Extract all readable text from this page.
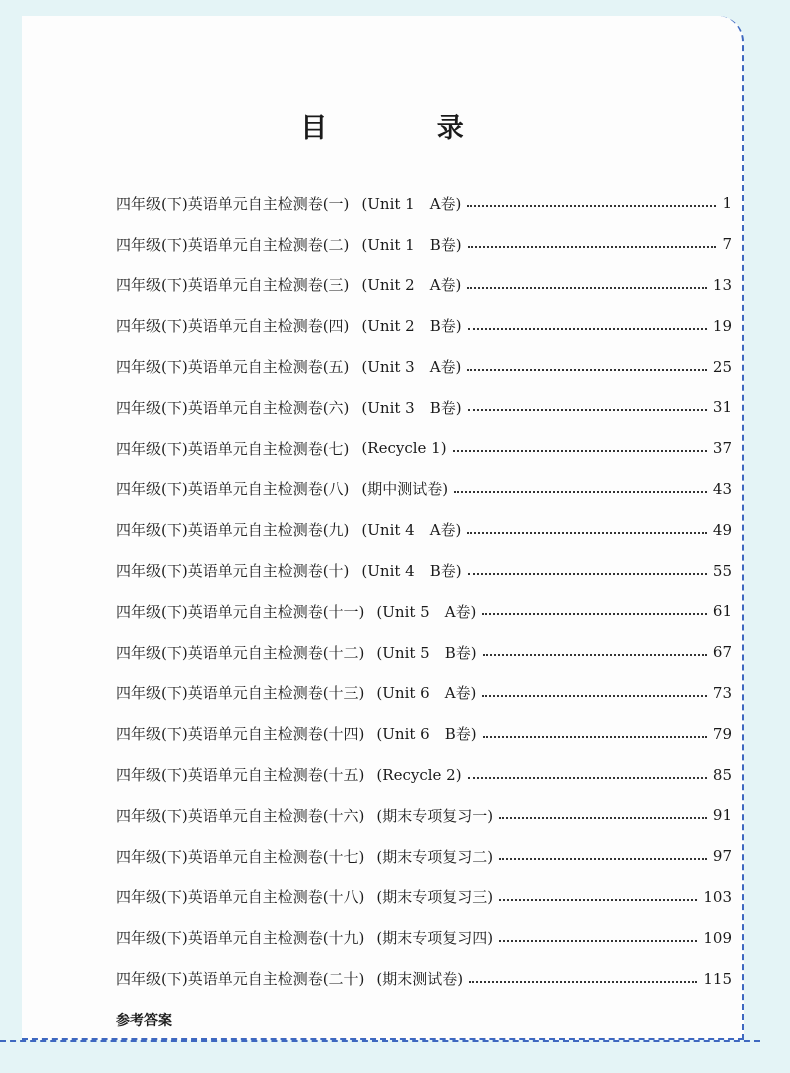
目 录
四年级(下)英语单元自主检测卷(一) (Unit 1　A卷)	1
四年级(下)英语单元自主检测卷(二) (Unit 1　B卷)	7
四年级(下)英语单元自主检测卷(三) (Unit 2　A卷)	13
四年级(下)英语单元自主检测卷(四) (Unit 2　B卷)	19
四年级(下)英语单元自主检测卷(五) (Unit 3　A卷)	25
四年级(下)英语单元自主检测卷(六) (Unit 3　B卷)	31
四年级(下)英语单元自主检测卷(七) (Recycle 1)	37
四年级(下)英语单元自主检测卷(八) (期中测试卷)	43
四年级(下)英语单元自主检测卷(九) (Unit 4　A卷)	49
四年级(下)英语单元自主检测卷(十) (Unit 4　B卷)	55
四年级(下)英语单元自主检测卷(十一) (Unit 5　A卷)	61
四年级(下)英语单元自主检测卷(十二) (Unit 5　B卷)	67
四年级(下)英语单元自主检测卷(十三) (Unit 6　A卷)	73
四年级(下)英语单元自主检测卷(十四) (Unit 6　B卷)	79
四年级(下)英语单元自主检测卷(十五) (Recycle 2)	85
四年级(下)英语单元自主检测卷(十六) (期末专项复习一)	91
四年级(下)英语单元自主检测卷(十七) (期末专项复习二)	97
四年级(下)英语单元自主检测卷(十八) (期末专项复习三)	103
四年级(下)英语单元自主检测卷(十九) (期末专项复习四)	109
四年级(下)英语单元自主检测卷(二十) (期末测试卷)	115
参考答案
